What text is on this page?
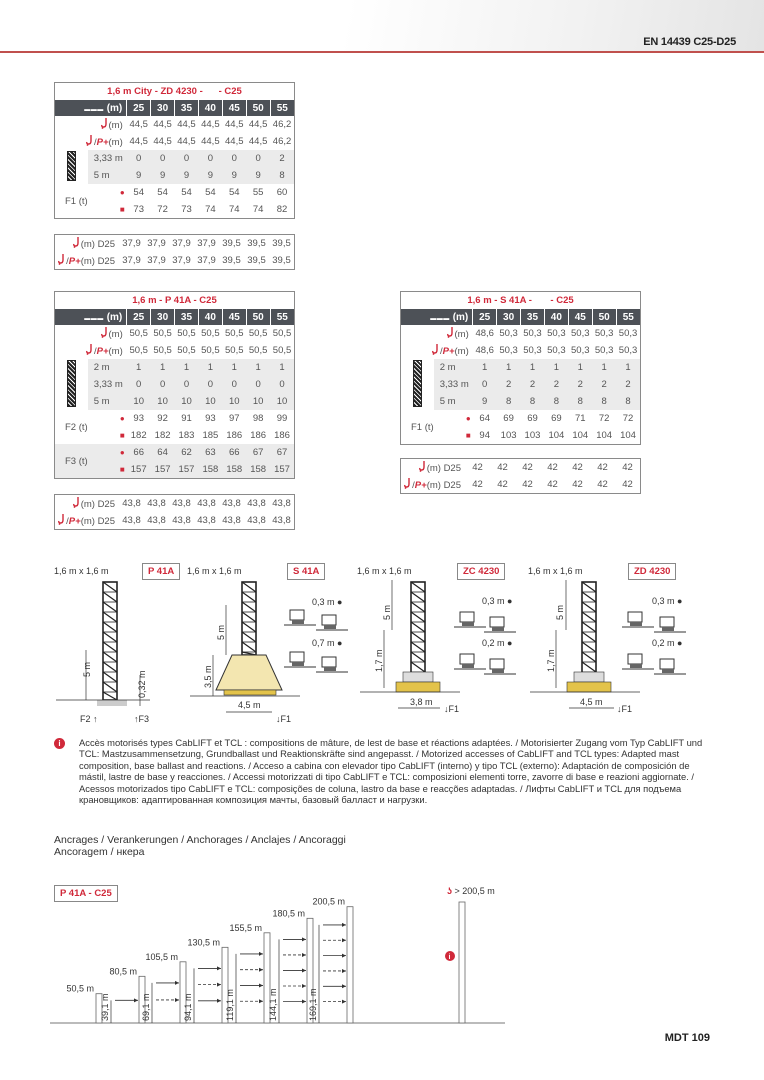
EN 14439 C25-D25
1,6 m City - ZD 4230 -      - C25								
▬▬▬ (m)		25	30	35	40	45	50	55
(m)		44,5	44,5	44,5	44,5	44,5	44,5	46,2
/P+(m)		44,5	44,5	44,5	44,5	44,5	44,5	46,2
	3,33 m	0	0	0	0	0	0	2
	5 m	9	9	9	9	9	9	8
F1 (t)	●	54	54	54	54	54	55	60
	■	73	72	73	74	74	74	82
(m) D25	37,9	37,9	37,9	37,9	39,5	39,5	39,5
/P+(m) D25	37,9	37,9	37,9	37,9	39,5	39,5	39,5
1,6 m - P 41A - C25								
▬▬▬ (m)		25	30	35	40	45	50	55
(m)		50,5	50,5	50,5	50,5	50,5	50,5	50,5
/P+(m)		50,5	50,5	50,5	50,5	50,5	50,5	50,5
	2 m	1	1	1	1	1	1	1
	3,33 m	0	0	0	0	0	0	0
	5 m	10	10	10	10	10	10	10
F2 (t)	●	93	92	91	93	97	98	99
	■	182	182	183	185	186	186	186
F3 (t)	●	66	64	62	63	66	67	67
	■	157	157	157	158	158	158	157
(m) D25	43,8	43,8	43,8	43,8	43,8	43,8	43,8
/P+(m) D25	43,8	43,8	43,8	43,8	43,8	43,8	43,8
1,6 m - S 41A -       - C25								
▬▬▬ (m)		25	30	35	40	45	50	55
(m)		48,6	50,3	50,3	50,3	50,3	50,3	50,3
/P+(m)		48,6	50,3	50,3	50,3	50,3	50,3	50,3
	2 m	1	1	1	1	1	1	1
	3,33 m	0	2	2	2	2	2	2
	5 m	9	8	8	8	8	8	8
F1 (t)	●	64	69	69	69	71	72	72
	■	94	103	103	104	104	104	104
(m) D25	42	42	42	42	42	42	42
/P+(m) D25	42	42	42	42	42	42	42
1,6 m x 1,6 m	P 41A	1,6 m x 1,6 m	S 41A	1,6 m x 1,6 m	ZC 4230	1,6 m x 1,6 m	ZD 4230
i	Accès motorisés types CabLIFT et TCL : compositions de mâture, de lest de base et réactions adaptées. / Motorisierter Zugang vom Typ CabLIFT und TCL: Mastzusammensetzung, Grundballast und Reaktionskräfte sind angepasst. / Motorized accesses of CabLIFT and TCL types: Adapted mast composition, base ballast and reactions. / Acceso a cabina con elevador tipo CabLIFT (interno) y tipo TCL (externo): Adaptación de composición de mástil, lastre de base y reacciones. / Accessi motorizzati di tipo CabLIFT e TCL: composizioni elementi torre, zavorre di base e reazioni aggiornate. / Acessos motorizados tipo CabLIFT e TCL: composições de coluna, lastro da base e reacções adaptadas. / Лифты CabLIFT и TCL для подъема крановщиков: адаптированная композиция мачты, базовый балласт и нагрузки.

Ancrages / Verankerungen / Anchorages / Anclajes / Ancoraggi
Ancoragem / нкера
P 41A - C25
50,5 m
80,5 m
39,1 m
105,5 m
69,1 m
130,5 m
94,1 m
155,5 m
119,1 m
180,5 m
144,1 m
200,5 m
169,1 m
ʖ > 200,5 m
i
MDT 109
5 m
0,32 m
F2 ↑	↑F3
5 m
3,5 m
4,5 m
↓F1
0,3 m ●
0,7 m ●
5 m
1,7 m
3,8 m
↓F1
0,3 m ●
0,2 m ●
5 m
1,7 m
4,5 m
↓F1
0,3 m ●
0,2 m ●
